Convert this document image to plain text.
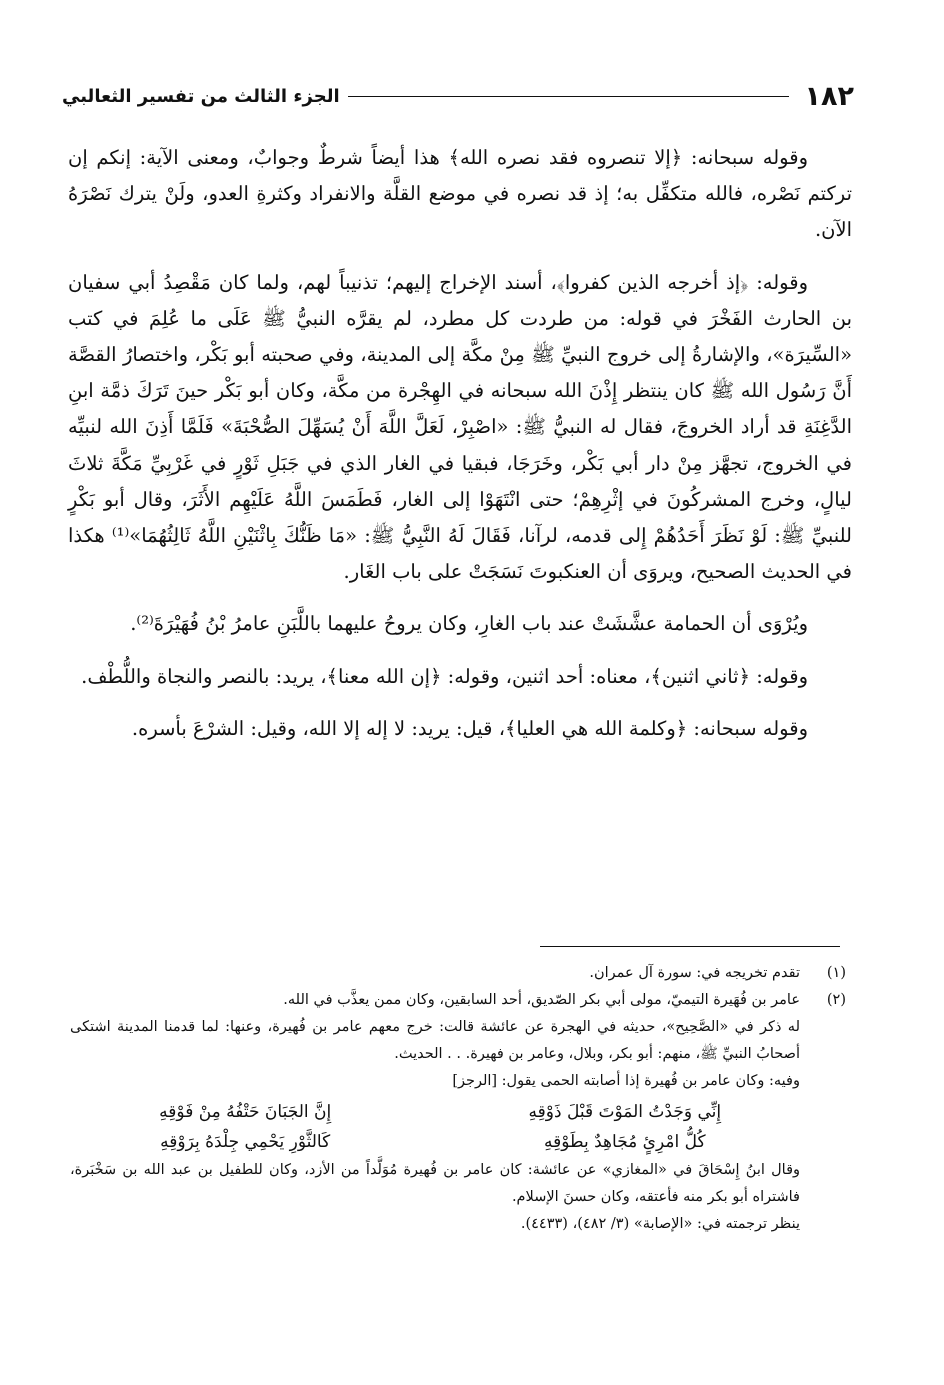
١٨٢
الجزء الثالث من تفسير الثعالبي

وقوله سبحانه: ﴿إلا تنصروه فقد نصره الله﴾ هذا أيضاً شرطٌ وجوابٌ، ومعنى الآية: إنكم إن تركتم نَصْره، فالله متكفِّل به؛ إذ قد نصره في موضع القلَّة والانفراد وكثرةِ العدو، ولَنْ يترك نَصْرَهُ الآن.

وقوله: ﴿إذ أخرجه الذين كفروا﴾، أسند الإخراج إليهم؛ تذنيباً لهم، ولما كان مَقْصِدُ أبي سفيان بن الحارث الفَخْرَ في قوله: من طردت كل مطرد، لم يقرَّه النبيُّ ﷺ عَلَى ما عُلِمَ في كتب «السِّيرَة»، والإشارةُ إلى خروج النبيِّ ﷺ مِنْ مكَّة إلى المدينة، وفي صحبته أبو بَكْر، واختصارُ القصَّة أَنَّ رَسُول الله ﷺ كان ينتظر إِذْنَ الله سبحانه في الهِجْرة من مكَّة، وكان أبو بَكْر حينَ تَرَكَ ذمَّة ابنِ الدَّغِنَةِ قد أراد الخروجَ، فقال له النبيُّ ﷺ: «اصْبِرْ، لَعَلَّ اللَّهَ أَنْ يُسَهِّلَ الصُّحْبَةَ» فَلَمَّا أَذِنَ الله لنبيِّه في الخروج، تجهَّز مِنْ دار أبي بَكْر، وخَرَجَا، فبقيا في الغار الذي في جَبَلِ ثَوْرٍ في غَرْبِيِّ مَكَّةَ ثلاثَ ليالٍ، وخرج المشركُونَ في إثْرِهِمْ؛ حتى انْتَهَوْا إلى الغار، فَطَمَسَ اللَّهُ عَلَيْهِم الأَثَرَ، وقال أبو بَكْرٍ للنبيِّ ﷺ: لَوْ نَظَرَ أَحَدُهُمْ إِلى قدمه، لرآنا، فَقَالَ لَهُ النَّبِيُّ ﷺ: «مَا ظَنُّكَ بِاثْنَيْنِ اللَّهُ ثَالِثُهُمَا»⁽¹⁾ هكذا في الحديث الصحيح، ويروَى أن العنكبوتَ نَسَجَتْ على باب الغَار.

ويُرْوَى أن الحمامة عشَّشَتْ عند باب الغارِ، وكان يروحُ عليهما باللَّبَنِ عامرُ بْنُ فُهَيْرَةَ⁽²⁾.

وقوله: ﴿ثاني اثنين﴾، معناه: أحد اثنين، وقوله: ﴿إن الله معنا﴾، يريد: بالنصر والنجاة واللُّطْف.

وقوله سبحانه: ﴿وكلمة الله هي العليا﴾، قيل: يريد: لا إله إلا الله، وقيل: الشرْعَ بأسره.

(١)
تقدم تخريجه في: سورة آل عمران.
(٢)
عامر بن فُهَيرة التيميّ، مولى أبي بكر الصّديق، أحد السابقين، وكان ممن يعذَّب في الله.
له ذكر في «الصَّحِيح»، حديثه في الهجرة عن عائشة قالت: خرج معهم عامر بن فُهيرة، وعنها: لما قدمنا المدينة اشتكى أصحابُ النبيِّ ﷺ، منهم: أبو بكر، وبلال، وعامر بن فهيرة. . . الحديث.
وفيه: وكان عامر بن فُهيرة إذا أصابته الحمى يقول: [الرجز]
إِنِّي وَجَدْتُ المَوْتَ قَبْلَ ذَوْقِهِ
إِنَّ الجَبَانَ حَتْفُهُ مِنْ فَوْقِهِ
كُلُّ امْرِئٍ مُجَاهِدٌ بِطَوْقِهِ
كَالثَّوْرِ يَحْمِي جِلْدَهُ بِرَوْقِهِ
وقال ابنُ إِسْحَاقَ في «المغازي» عن عائشة: كان عامر بن فُهيرة مُوَلَّداً من الأزد، وكان للطفيل بن عبد الله بن سَخْبَرة، فاشتراه أبو بكر منه فأعتقه، وكان حسنَ الإسلام.
ينظر ترجمته في: «الإصابة» (٣/ ٤٨٢)، (٤٤٣٣).
